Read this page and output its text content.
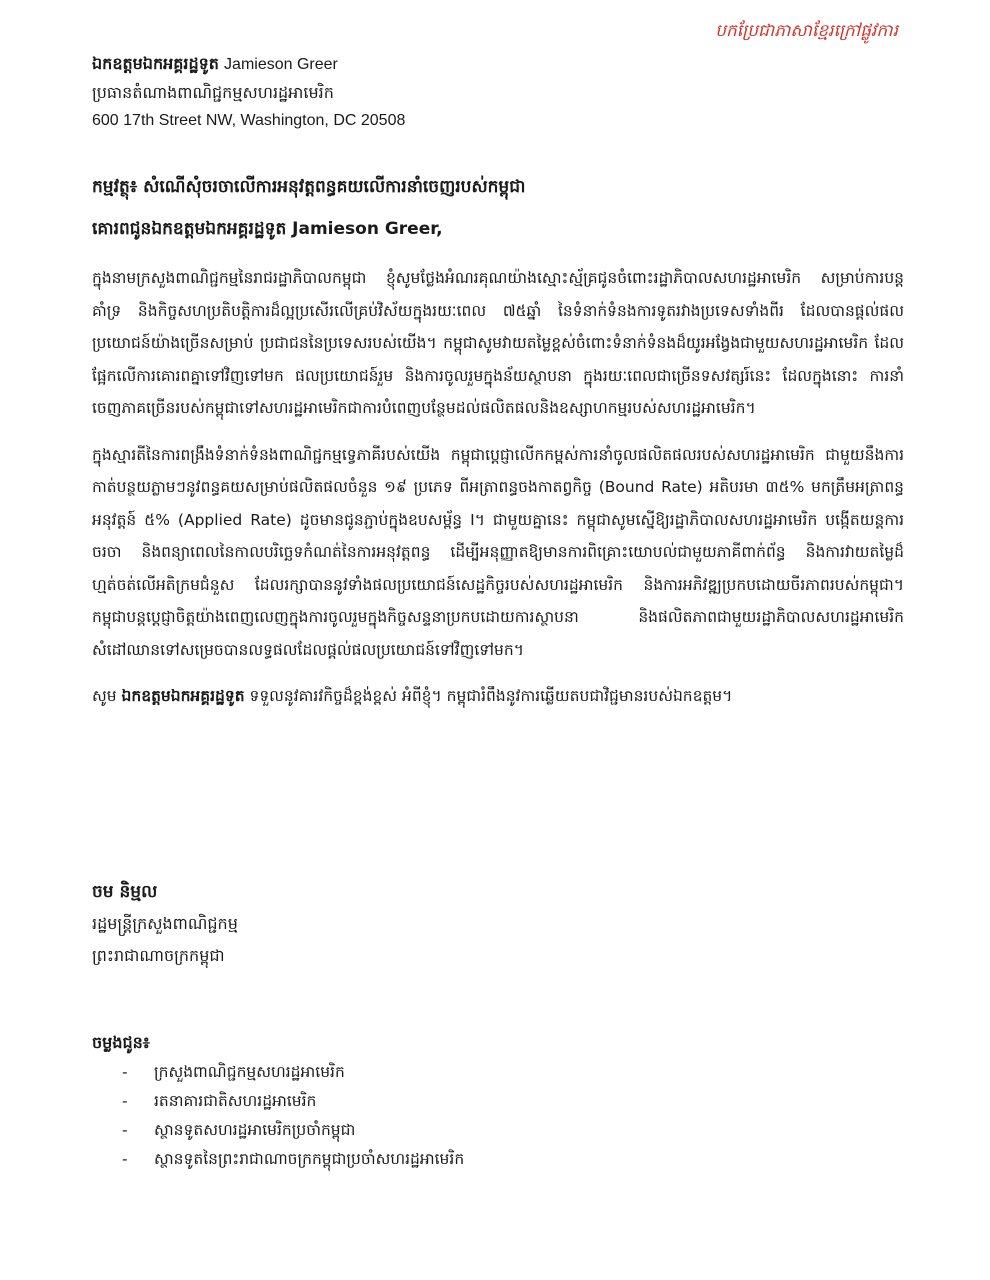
បកប្រែជាភាសាខ្មែរក្រៅផ្លូវការ
ឯកឧត្តមឯកអគ្គរដ្ឋទូត Jamieson Greer
ប្រធានតំណាងពាណិជ្ជកម្មសហរដ្ឋអាមេរិក
600 17th Street NW, Washington, DC 20508
កម្មវត្ថុ៖ សំណើសុំចរចាលើការអនុវត្តពន្ធគយលើការនាំចេញរបស់កម្ពុជា
គោរពជូនឯកឧត្តមឯកអគ្គរដ្ឋទូត Jamieson Greer,

ក្នុងនាមក្រសួងពាណិជ្ជកម្មនៃរាជរដ្ឋាភិបាលកម្ពុជា ខ្ញុំសូមថ្លែងអំណរគុណយ៉ាងស្មោះស្ម័គ្រជូនចំពោះរដ្ឋាភិបាលសហរដ្ឋអាមេរិក សម្រាប់ការបន្តគាំទ្រ និងកិច្ចសហប្រតិបត្តិការដ៏ល្អប្រសើរលើគ្រប់វិស័យក្នុងរយៈពេល ៧៥ឆ្នាំ នៃទំនាក់ទំនងការទូតរវាងប្រទេសទាំងពីរ ដែលបានផ្តល់ផលប្រយោជន៍យ៉ាងច្រើនសម្រាប់ ប្រជាជននៃប្រទេសរបស់យើង។ កម្ពុជាសូមវាយតម្លៃខ្ពស់ចំពោះទំនាក់ទំនងដ៏យូរអង្វែងជាមួយសហរដ្ឋអាមេរិក ដែលផ្អែកលើការគោរពគ្នាទៅវិញទៅមក ផលប្រយោជន៍រួម និងការចូលរួមក្នុងន័យស្ថាបនា ក្នុងរយៈពេលជាច្រើនទសវត្សរ៍នេះ ដែលក្នុងនោះ ការនាំចេញភាគច្រើនរបស់កម្ពុជាទៅសហរដ្ឋអាមេរិកជាការបំពេញបន្ថែមដល់ផលិតផលនិងឧស្សាហកម្មរបស់សហរដ្ឋអាមេរិក។

ក្នុងស្មារតីនៃការពង្រឹងទំនាក់ទំនងពាណិជ្ជកម្មទ្វេភាគីរបស់យើង កម្ពុជាប្តេជ្ញាលើកកម្ពស់ការនាំចូលផលិតផលរបស់សហរដ្ឋអាមេរិក ជាមួយនឹងការកាត់បន្ថយភ្លាមៗនូវពន្ធគយសម្រាប់ផលិតផលចំនួន ១៩ ប្រភេទ ពីអត្រាពន្ធចងកាតព្វកិច្ច (Bound Rate) អតិបរមា ៣៥% មកត្រឹមអត្រាពន្ធអនុវត្តន៍ ៥% (Applied Rate) ដូចមានជូនភ្ជាប់ក្នុងឧបសម្ព័ន្ធ I។ ជាមួយគ្នានេះ កម្ពុជាសូមស្នើឱ្យរដ្ឋាភិបាលសហរដ្ឋអាមេរិក បង្កើតយន្តការចរចា និងពន្យាពេលនៃកាលបរិច្ឆេទកំណត់នៃការអនុវត្តពន្ធ ដើម្បីអនុញ្ញាតឱ្យមានការពិគ្រោះយោបល់ជាមួយភាគីពាក់ព័ន្ធ និងការវាយតម្លៃដ៏ហ្មត់ចត់លើអតិក្រមជំនួស ដែលរក្សាបាននូវទាំងផលប្រយោជន៍សេដ្ឋកិច្ចរបស់សហរដ្ឋអាមេរិក និងការអភិវឌ្ឍប្រកបដោយចីរភាពរបស់កម្ពុជា។ កម្ពុជាបន្តប្តេជ្ញាចិត្តយ៉ាងពេញលេញក្នុងការចូលរួមក្នុងកិច្ចសន្ទនាប្រកបដោយការស្ថាបនា និងផលិតភាពជាមួយរដ្ឋាភិបាលសហរដ្ឋអាមេរិក សំដៅឈានទៅសម្រេចបានលទ្ធផលដែលផ្តល់ផលប្រយោជន៍ទៅវិញទៅមក។

សូម ឯកឧត្តមឯកអគ្គរដ្ឋទូត ទទួលនូវគារវកិច្ចដ៏ខ្ពង់ខ្ពស់ អំពីខ្ញុំ។ កម្ពុជារំពឹងនូវការឆ្លើយតបជាវិជ្ជមានរបស់ឯកឧត្តម។

ចម និម្មល
រដ្ឋមន្ត្រីក្រសួងពាណិជ្ជកម្ម
ព្រះរាជាណាចក្រកម្ពុជា
ចម្លងជូន៖
- ក្រសួងពាណិជ្ជកម្មសហរដ្ឋអាមេរិក
- រតនាគារជាតិសហរដ្ឋអាមេរិក
- ស្ថានទូតសហរដ្ឋអាមេរិកប្រចាំកម្ពុជា
- ស្ថានទូតនៃព្រះរាជាណាចក្រកម្ពុជាប្រចាំសហរដ្ឋអាមេរិក
